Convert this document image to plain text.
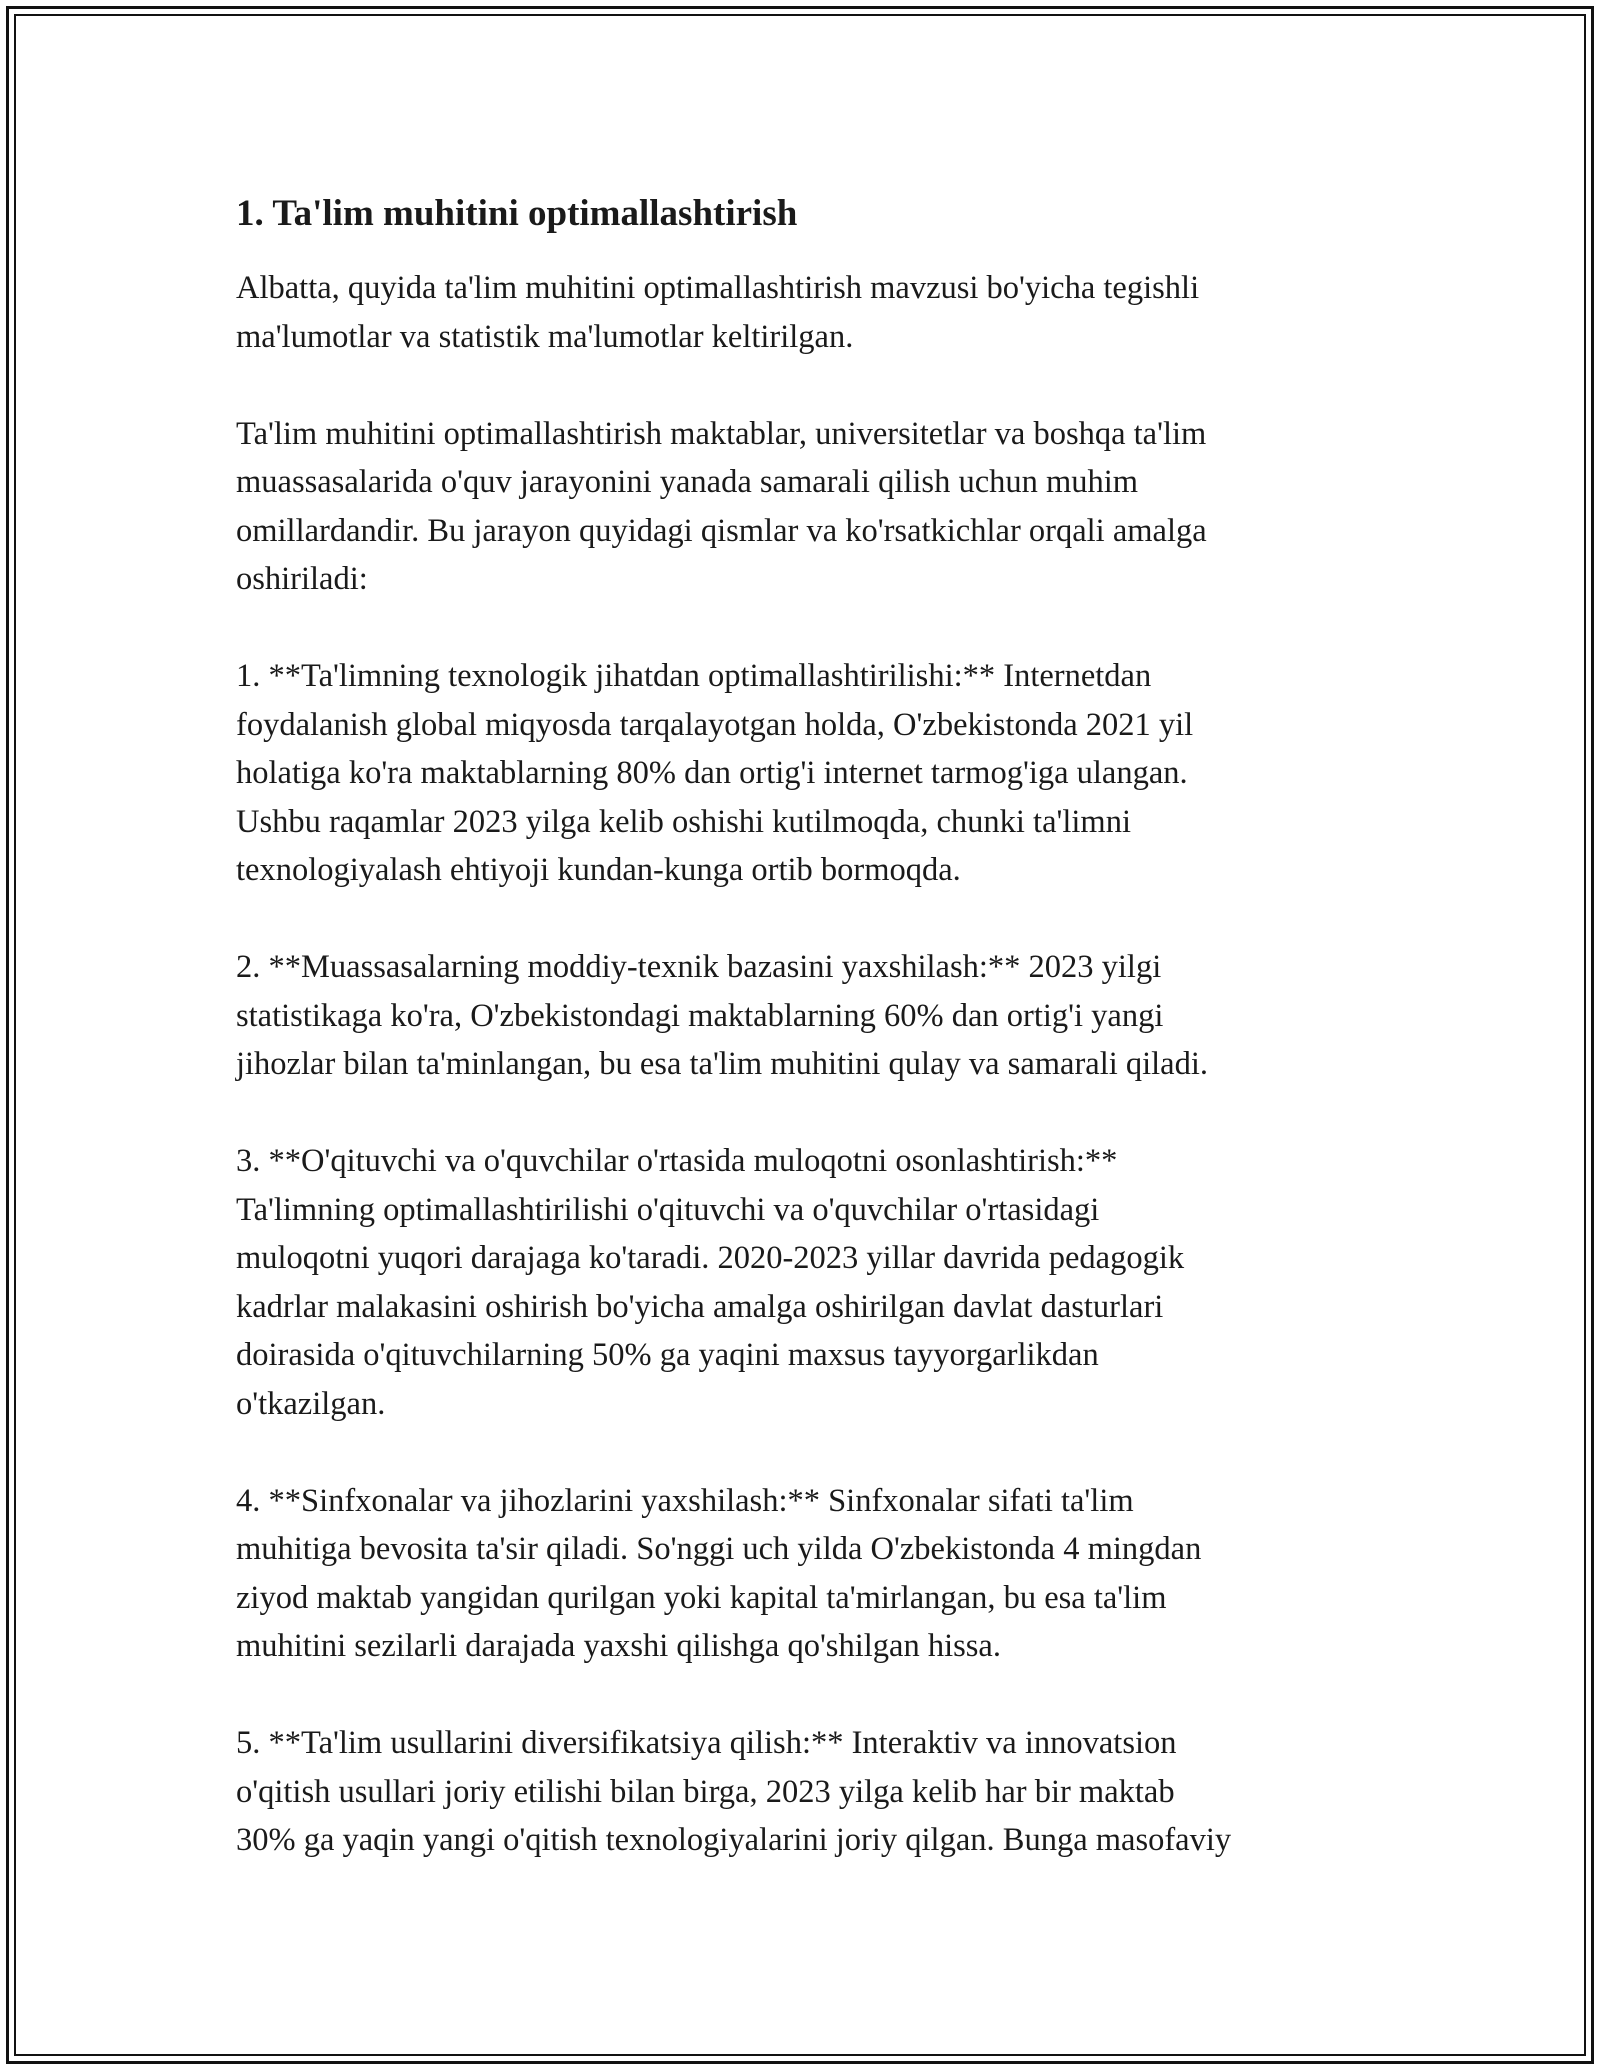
1. Ta'lim muhitini optimallashtirish

Albatta, quyida ta'lim muhitini optimallashtirish mavzusi bo'yicha tegishli
ma'lumotlar va statistik ma'lumotlar keltirilgan.

Ta'lim muhitini optimallashtirish maktablar, universitetlar va boshqa ta'lim
muassasalarida o'quv jarayonini yanada samarali qilish uchun muhim
omillardandir. Bu jarayon quyidagi qismlar va ko'rsatkichlar orqali amalga
oshiriladi:

1. **Ta'limning texnologik jihatdan optimallashtirilishi:** Internetdan
foydalanish global miqyosda tarqalayotgan holda, O'zbekistonda 2021 yil
holatiga ko'ra maktablarning 80% dan ortig'i internet tarmog'iga ulangan.
Ushbu raqamlar 2023 yilga kelib oshishi kutilmoqda, chunki ta'limni
texnologiyalash ehtiyoji kundan-kunga ortib bormoqda.

2. **Muassasalarning moddiy-texnik bazasini yaxshilash:** 2023 yilgi
statistikaga ko'ra, O'zbekistondagi maktablarning 60% dan ortig'i yangi
jihozlar bilan ta'minlangan, bu esa ta'lim muhitini qulay va samarali qiladi.

3. **O'qituvchi va o'quvchilar o'rtasida muloqotni osonlashtirish:**
Ta'limning optimallashtirilishi o'qituvchi va o'quvchilar o'rtasidagi
muloqotni yuqori darajaga ko'taradi. 2020-2023 yillar davrida pedagogik
kadrlar malakasini oshirish bo'yicha amalga oshirilgan davlat dasturlari
doirasida o'qituvchilarning 50% ga yaqini maxsus tayyorgarlikdan
o'tkazilgan.

4. **Sinfxonalar va jihozlarini yaxshilash:** Sinfxonalar sifati ta'lim
muhitiga bevosita ta'sir qiladi. So'nggi uch yilda O'zbekistonda 4 mingdan
ziyod maktab yangidan qurilgan yoki kapital ta'mirlangan, bu esa ta'lim
muhitini sezilarli darajada yaxshi qilishga qo'shilgan hissa.

5. **Ta'lim usullarini diversifikatsiya qilish:** Interaktiv va innovatsion
o'qitish usullari joriy etilishi bilan birga, 2023 yilga kelib har bir maktab
30% ga yaqin yangi o'qitish texnologiyalarini joriy qilgan. Bunga masofaviy
